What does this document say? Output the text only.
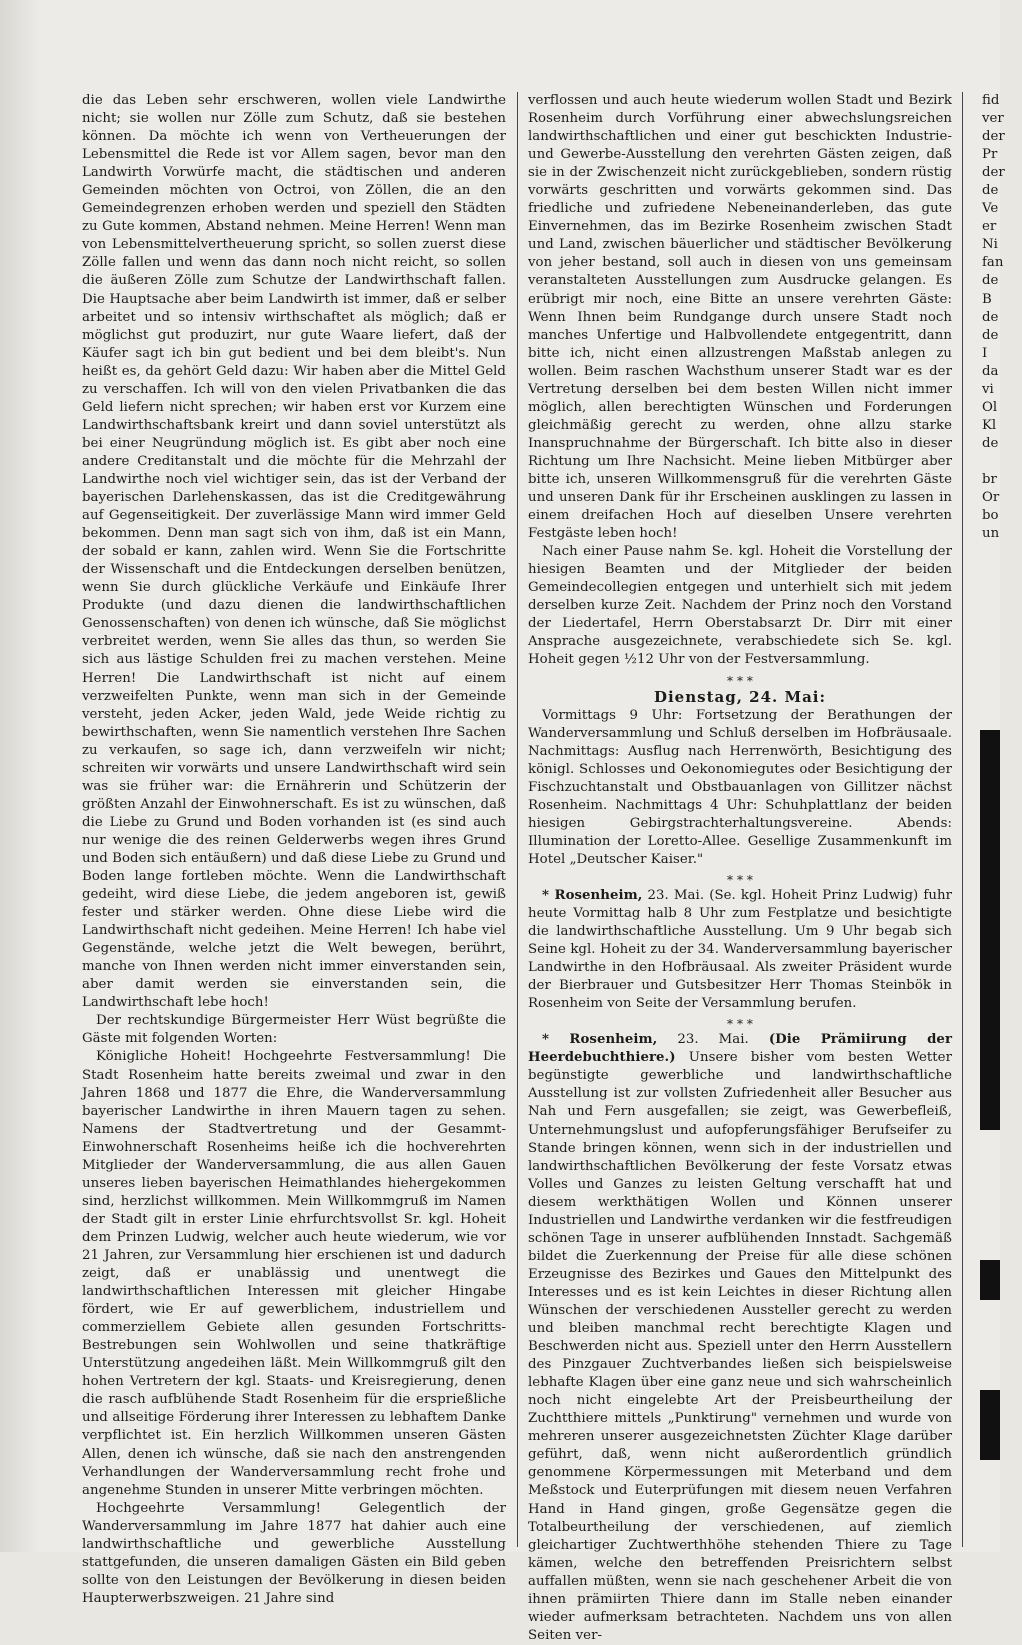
die das Leben sehr erschweren, wollen viele Landwirthe nicht; sie wollen nur Zölle zum Schutz, daß sie bestehen können. Da möchte ich wenn von Vertheuerungen der Lebensmittel die Rede ist vor Allem sagen, bevor man den Landwirth Vorwürfe macht, die städtischen und anderen Gemeinden möchten von Octroi, von Zöllen, die an den Gemeindegrenzen erhoben werden und speziell den Städten zu Gute kommen, Abstand nehmen. Meine Herren! Wenn man von Lebensmittelvertheuerung spricht, so sollen zuerst diese Zölle fallen und wenn das dann noch nicht reicht, so sollen die äußeren Zölle zum Schutze der Landwirthschaft fallen. Die Hauptsache aber beim Landwirth ist immer, daß er selber arbeitet und so intensiv wirthschaftet als möglich; daß er möglichst gut produzirt, nur gute Waare liefert, daß der Käufer sagt ich bin gut bedient und bei dem bleibt's. Nun heißt es, da gehört Geld dazu: Wir haben aber die Mittel Geld zu verschaffen. Ich will von den vielen Privatbanken die das Geld liefern nicht sprechen; wir haben erst vor Kurzem eine Landwirthschaftsbank kreirt und dann soviel unterstützt als bei einer Neugründung möglich ist. Es gibt aber noch eine andere Creditanstalt und die möchte für die Mehrzahl der Landwirthe noch viel wichtiger sein, das ist der Verband der bayerischen Darlehenskassen, das ist die Creditgewährung auf Gegenseitigkeit. Der zuverlässige Mann wird immer Geld bekommen. Denn man sagt sich von ihm, daß ist ein Mann, der sobald er kann, zahlen wird. Wenn Sie die Fortschritte der Wissenschaft und die Entdeckungen derselben benützen, wenn Sie durch glückliche Verkäufe und Einkäufe Ihrer Produkte (und dazu dienen die landwirthschaftlichen Genossenschaften) von denen ich wünsche, daß Sie möglichst verbreitet werden, wenn Sie alles das thun, so werden Sie sich aus lästige Schulden frei zu machen verstehen. Meine Herren! Die Landwirthschaft ist nicht auf einem verzweifelten Punkte, wenn man sich in der Gemeinde versteht, jeden Acker, jeden Wald, jede Weide richtig zu bewirthschaften, wenn Sie namentlich verstehen Ihre Sachen zu verkaufen, so sage ich, dann verzweifeln wir nicht; schreiten wir vorwärts und unsere Landwirthschaft wird sein was sie früher war: die Ernährerin und Schützerin der größten Anzahl der Einwohnerschaft. Es ist zu wünschen, daß die Liebe zu Grund und Boden vorhanden ist (es sind auch nur wenige die des reinen Gelderwerbs wegen ihres Grund und Boden sich entäußern) und daß diese Liebe zu Grund und Boden lange fortleben möchte. Wenn die Landwirthschaft gedeiht, wird diese Liebe, die jedem angeboren ist, gewiß fester und stärker werden. Ohne diese Liebe wird die Landwirthschaft nicht gedeihen. Meine Herren! Ich habe viel Gegenstände, welche jetzt die Welt bewegen, berührt, manche von Ihnen werden nicht immer einverstanden sein, aber damit werden sie einverstanden sein, die Landwirthschaft lebe hoch!

Der rechtskundige Bürgermeister Herr Wüst begrüßte die Gäste mit folgenden Worten:

Königliche Hoheit! Hochgeehrte Festversammlung! Die Stadt Rosenheim hatte bereits zweimal und zwar in den Jahren 1868 und 1877 die Ehre, die Wanderversammlung bayerischer Landwirthe in ihren Mauern tagen zu sehen. Namens der Stadtvertretung und der Gesammt-Einwohnerschaft Rosenheims heiße ich die hochverehrten Mitglieder der Wanderversammlung, die aus allen Gauen unseres lieben bayerischen Heimathlandes hiehergekommen sind, herzlichst willkommen. Mein Willkommgruß im Namen der Stadt gilt in erster Linie ehrfurchtsvollst Sr. kgl. Hoheit dem Prinzen Ludwig, welcher auch heute wiederum, wie vor 21 Jahren, zur Versammlung hier erschienen ist und dadurch zeigt, daß er unablässig und unentwegt die landwirthschaftlichen Interessen mit gleicher Hingabe fördert, wie Er auf gewerblichem, industriellem und commerziellem Gebiete allen gesunden Fortschritts-Bestrebungen sein Wohlwollen und seine thatkräftige Unterstützung angedeihen läßt. Mein Willkommgruß gilt den hohen Vertretern der kgl. Staats- und Kreisregierung, denen die rasch aufblühende Stadt Rosenheim für die ersprießliche und allseitige Förderung ihrer Interessen zu lebhaftem Danke verpflichtet ist. Ein herzlich Willkommen unseren Gästen Allen, denen ich wünsche, daß sie nach den anstrengenden Verhandlungen der Wanderversammlung recht frohe und angenehme Stunden in unserer Mitte verbringen möchten.

Hochgeehrte Versammlung! Gelegentlich der Wanderversammlung im Jahre 1877 hat dahier auch eine landwirthschaftliche und gewerbliche Ausstellung stattgefunden, die unseren damaligen Gästen ein Bild geben sollte von den Leistungen der Bevölkerung in diesen beiden Haupterwerbszweigen. 21 Jahre sind

verflossen und auch heute wiederum wollen Stadt und Bezirk Rosenheim durch Vorführung einer abwechslungsreichen landwirthschaftlichen und einer gut beschickten Industrie- und Gewerbe-Ausstellung den verehrten Gästen zeigen, daß sie in der Zwischenzeit nicht zurückgeblieben, sondern rüstig vorwärts geschritten und vorwärts gekommen sind. Das friedliche und zufriedene Nebeneinanderleben, das gute Einvernehmen, das im Bezirke Rosenheim zwischen Stadt und Land, zwischen bäuerlicher und städtischer Bevölkerung von jeher bestand, soll auch in diesen von uns gemeinsam veranstalteten Ausstellungen zum Ausdrucke gelangen. Es erübrigt mir noch, eine Bitte an unsere verehrten Gäste: Wenn Ihnen beim Rundgange durch unsere Stadt noch manches Unfertige und Halbvollendete entgegentritt, dann bitte ich, nicht einen allzustrengen Maßstab anlegen zu wollen. Beim raschen Wachsthum unserer Stadt war es der Vertretung derselben bei dem besten Willen nicht immer möglich, allen berechtigten Wünschen und Forderungen gleichmäßig gerecht zu werden, ohne allzu starke Inanspruchnahme der Bürgerschaft. Ich bitte also in dieser Richtung um Ihre Nachsicht. Meine lieben Mitbürger aber bitte ich, unseren Willkommensgruß für die verehrten Gäste und unseren Dank für ihr Erscheinen ausklingen zu lassen in einem dreifachen Hoch auf dieselben Unsere verehrten Festgäste leben hoch!

Nach einer Pause nahm Se. kgl. Hoheit die Vorstellung der hiesigen Beamten und der Mitglieder der beiden Gemeindecollegien entgegen und unterhielt sich mit jedem derselben kurze Zeit. Nachdem der Prinz noch den Vorstand der Liedertafel, Herrn Oberstabsarzt Dr. Dirr mit einer Ansprache ausgezeichnete, verabschiedete sich Se. kgl. Hoheit gegen ½12 Uhr von der Festversammlung.

* * *
Dienstag, 24. Mai:

Vormittags 9 Uhr: Fortsetzung der Berathungen der Wanderversammlung und Schluß derselben im Hofbräusaale. Nachmittags: Ausflug nach Herrenwörth, Besichtigung des königl. Schlosses und Oekonomiegutes oder Besichtigung der Fischzuchtanstalt und Obstbauanlagen von Gillitzer nächst Rosenheim. Nachmittags 4 Uhr: Schuhplattlanz der beiden hiesigen Gebirgstrachterhaltungsvereine. Abends: Illumination der Loretto-Allee. Gesellige Zusammenkunft im Hotel „Deutscher Kaiser."

* * *

* Rosenheim, 23. Mai. (Se. kgl. Hoheit Prinz Ludwig) fuhr heute Vormittag halb 8 Uhr zum Festplatze und besichtigte die landwirthschaftliche Ausstellung. Um 9 Uhr begab sich Seine kgl. Hoheit zu der 34. Wanderversammlung bayerischer Landwirthe in den Hofbräusaal. Als zweiter Präsident wurde der Bierbrauer und Gutsbesitzer Herr Thomas Steinbök in Rosenheim von Seite der Versammlung berufen.

* * *

* Rosenheim, 23. Mai. (Die Prämiirung der Heerdebuchthiere.) Unsere bisher vom besten Wetter begünstigte gewerbliche und landwirthschaftliche Ausstellung ist zur vollsten Zufriedenheit aller Besucher aus Nah und Fern ausgefallen; sie zeigt, was Gewerbefleiß, Unternehmungslust und aufopferungsfähiger Berufseifer zu Stande bringen können, wenn sich in der industriellen und landwirthschaftlichen Bevölkerung der feste Vorsatz etwas Volles und Ganzes zu leisten Geltung verschafft hat und diesem werkthätigen Wollen und Können unserer Industriellen und Landwirthe verdanken wir die festfreudigen schönen Tage in unserer aufblühenden Innstadt. Sachgemäß bildet die Zuerkennung der Preise für alle diese schönen Erzeugnisse des Bezirkes und Gaues den Mittelpunkt des Interesses und es ist kein Leichtes in dieser Richtung allen Wünschen der verschiedenen Aussteller gerecht zu werden und bleiben manchmal recht berechtigte Klagen und Beschwerden nicht aus. Speziell unter den Herrn Ausstellern des Pinzgauer Zuchtverbandes ließen sich beispielsweise lebhafte Klagen über eine ganz neue und sich wahrscheinlich noch nicht eingelebte Art der Preisbeurtheilung der Zuchtthiere mittels „Punktirung" vernehmen und wurde von mehreren unserer ausgezeichnetsten Züchter Klage darüber geführt, daß, wenn nicht außerordentlich gründlich genommene Körpermessungen mit Meterband und dem Meßstock und Euterprüfungen mit diesem neuen Verfahren Hand in Hand gingen, große Gegensätze gegen die Totalbeurtheilung der verschiedenen, auf ziemlich gleichartiger Zuchtwerthhöhe stehenden Thiere zu Tage kämen, welche den betreffenden Preisrichtern selbst auffallen müßten, wenn sie nach geschehener Arbeit die von ihnen prämiirten Thiere dann im Stalle neben einander wieder aufmerksam betrachteten. Nachdem uns von allen Seiten ver-

fid
ver
der
Pr
der
de
Ve
er
Ni
fan
de
B
de
de
I
da
vi
Ol
Kl
de

br
Or
bo
un
